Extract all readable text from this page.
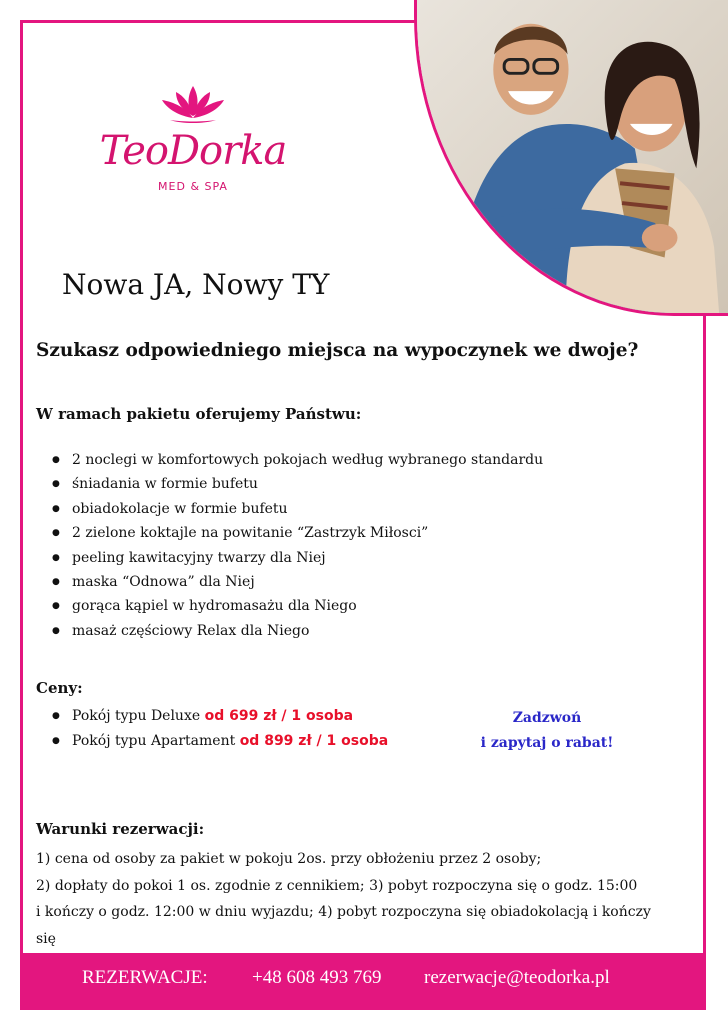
TeoDorka
MED & SPA
Nowa JA, Nowy TY
Szukasz odpowiedniego miejsca na wypoczynek we dwoje?
W ramach pakietu oferujemy Państwu:
● 2 noclegi w komfortowych pokojach według wybranego standardu
● śniadania w formie bufetu
● obiadokolacje w formie bufetu
● 2 zielone koktajle na powitanie “Zastrzyk Miłosci”
● peeling kawitacyjny twarzy dla Niej
● maska “Odnowa” dla Niej
● gorąca kąpiel w hydromasażu dla Niego
● masaż częściowy Relax dla Niego
Ceny:
● Pokój typu Deluxe od 699 zł / 1 osoba
● Pokój typu Apartament od 899 zł / 1 osoba
Zadzwoń
i zapytaj o rabat!
Warunki rezerwacji:

1) cena od osoby za pakiet w pokoju 2os. przy obłożeniu przez 2 osoby;

2) dopłaty do pokoi 1 os. zgodnie z cennikiem; 3) pobyt rozpoczyna się o godz. 15:00

i kończy o godz. 12:00 w dniu wyjazdu; 4) pobyt rozpoczyna się obiadokolacją i kończy się

REZERWACJE: +48 608 493 769 rezerwacje@teodorka.pl
